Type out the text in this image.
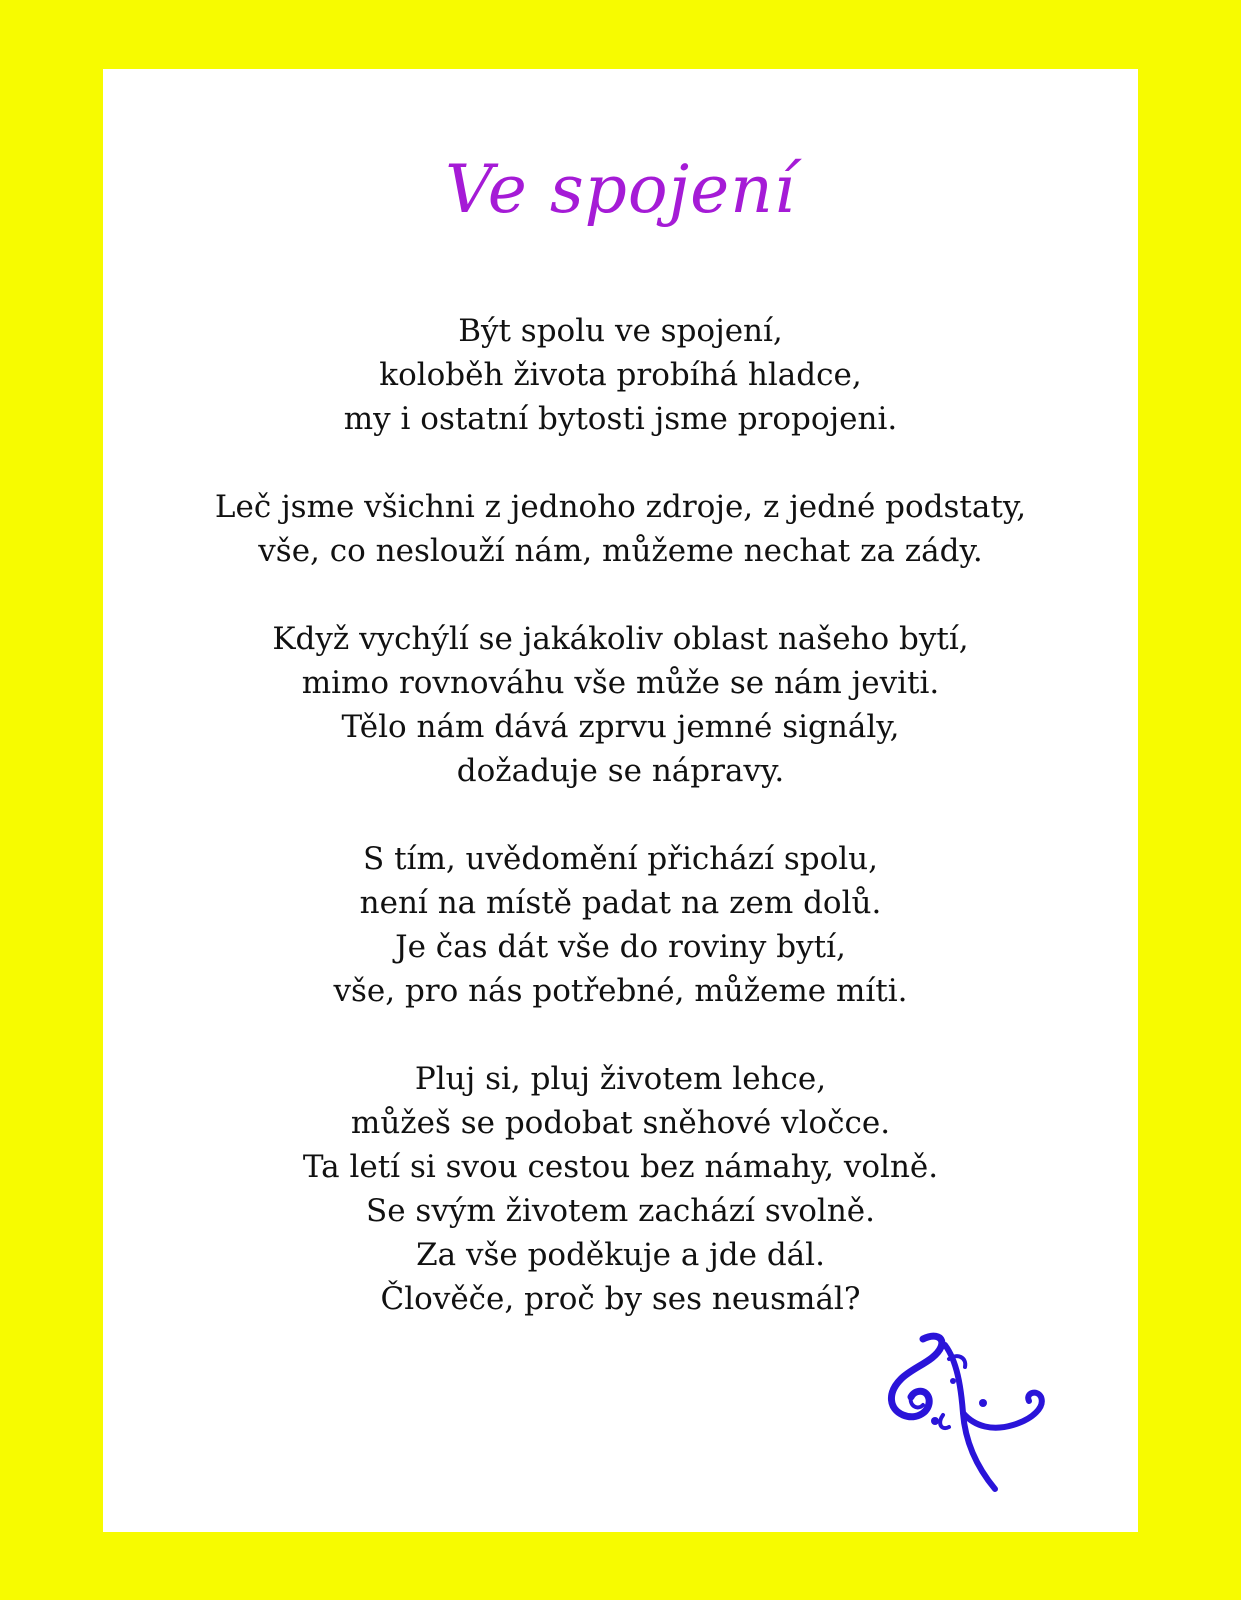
Ve spojení
Být spolu ve spojení,
koloběh života probíhá hladce,
my i ostatní bytosti jsme propojeni.
Leč jsme všichni z jednoho zdroje, z jedné podstaty,
vše, co neslouží nám, můžeme nechat za zády.
Když vychýlí se jakákoliv oblast našeho bytí,
mimo rovnováhu vše může se nám jeviti.
Tělo nám dává zprvu jemné signály,
dožaduje se nápravy.
S tím, uvědomění přichází spolu,
není na místě padat na zem dolů.
Je čas dát vše do roviny bytí,
vše, pro nás potřebné, můžeme míti.
Pluj si, pluj životem lehce,
můžeš se podobat sněhové vločce.
Ta letí si svou cestou bez námahy, volně.
Se svým životem zachází svolně.
Za vše poděkuje a jde dál.
Člověče, proč by ses neusmál?
